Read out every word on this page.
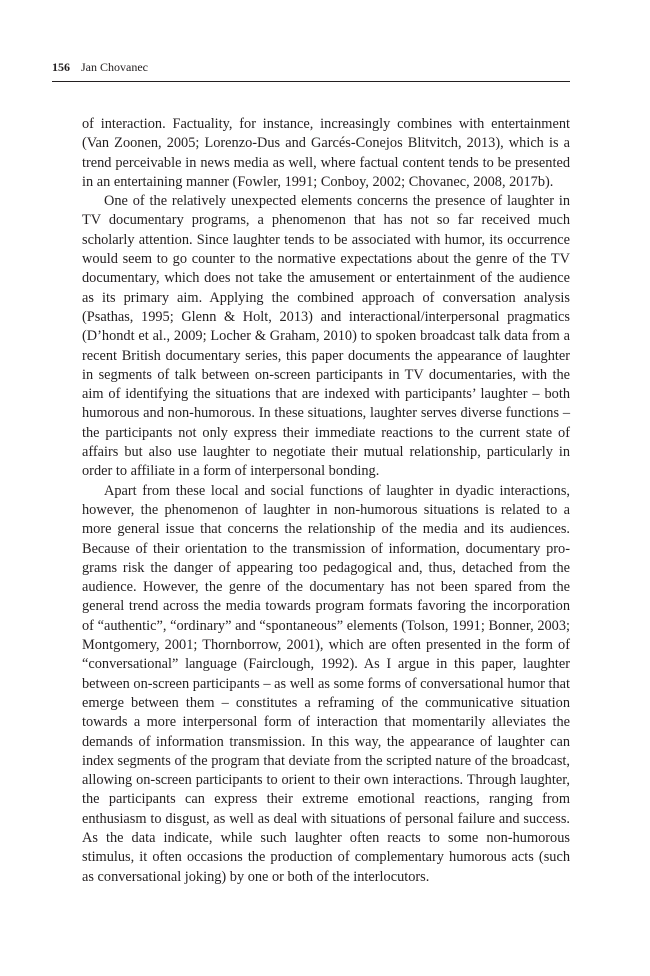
156 Jan Chovanec

of interaction. Factuality, for instance, increasingly combines with entertainment (Van Zoonen, 2005; Lorenzo-Dus and Garcés-Conejos Blitvitch, 2013), which is a trend perceivable in news media as well, where factual content tends to be presented in an entertaining manner (Fowler, 1991; Conboy, 2002; Chovanec, 2008, 2017b).

One of the relatively unexpected elements concerns the presence of laughter in TV documentary programs, a phenomenon that has not so far received much scholarly attention. Since laughter tends to be associated with humor, its occurrence would seem to go counter to the normative expectations about the genre of the TV documentary, which does not take the amusement or entertainment of the audience as its primary aim. Applying the combined approach of conversation analysis (Psathas, 1995; Glenn & Holt, 2013) and interactional/interpersonal pragmatics (D’hondt et al., 2009; Locher & Graham, 2010) to spoken broadcast talk data from a recent British documentary series, this paper documents the appearance of laughter in segments of talk between on-screen participants in TV documentaries, with the aim of identifying the situations that are indexed with participants’ laughter – both humorous and non-humorous. In these situations, laughter serves diverse functions – the participants not only express their immediate reactions to the current state of affairs but also use laughter to negotiate their mutual relationship, particularly in order to affiliate in a form of interpersonal bonding.

Apart from these local and social functions of laughter in dyadic interactions, however, the phenomenon of laughter in non-humorous situations is related to a more general issue that concerns the relationship of the media and its audiences. Because of their orientation to the transmission of information, documentary programs risk the danger of appearing too pedagogical and, thus, detached from the audience. However, the genre of the documentary has not been spared from the general trend across the media towards program formats favoring the incorporation of “authentic”, “ordinary” and “spontaneous” elements (Tolson, 1991; Bonner, 2003; Montgomery, 2001; Thornborrow, 2001), which are often presented in the form of “conversational” language (Fairclough, 1992). As I argue in this paper, laughter between on-screen participants – as well as some forms of conversational humor that emerge between them – constitutes a reframing of the communicative situation towards a more interpersonal form of interaction that momentarily alleviates the demands of information transmission. In this way, the appearance of laughter can index segments of the program that deviate from the scripted nature of the broadcast, allowing on-screen participants to orient to their own interactions. Through laughter, the participants can express their extreme emotional reactions, ranging from enthusiasm to disgust, as well as deal with situations of personal failure and success. As the data indicate, while such laughter often reacts to some non-humorous stimulus, it often occasions the production of complementary humorous acts (such as conversational joking) by one or both of the interlocutors.
